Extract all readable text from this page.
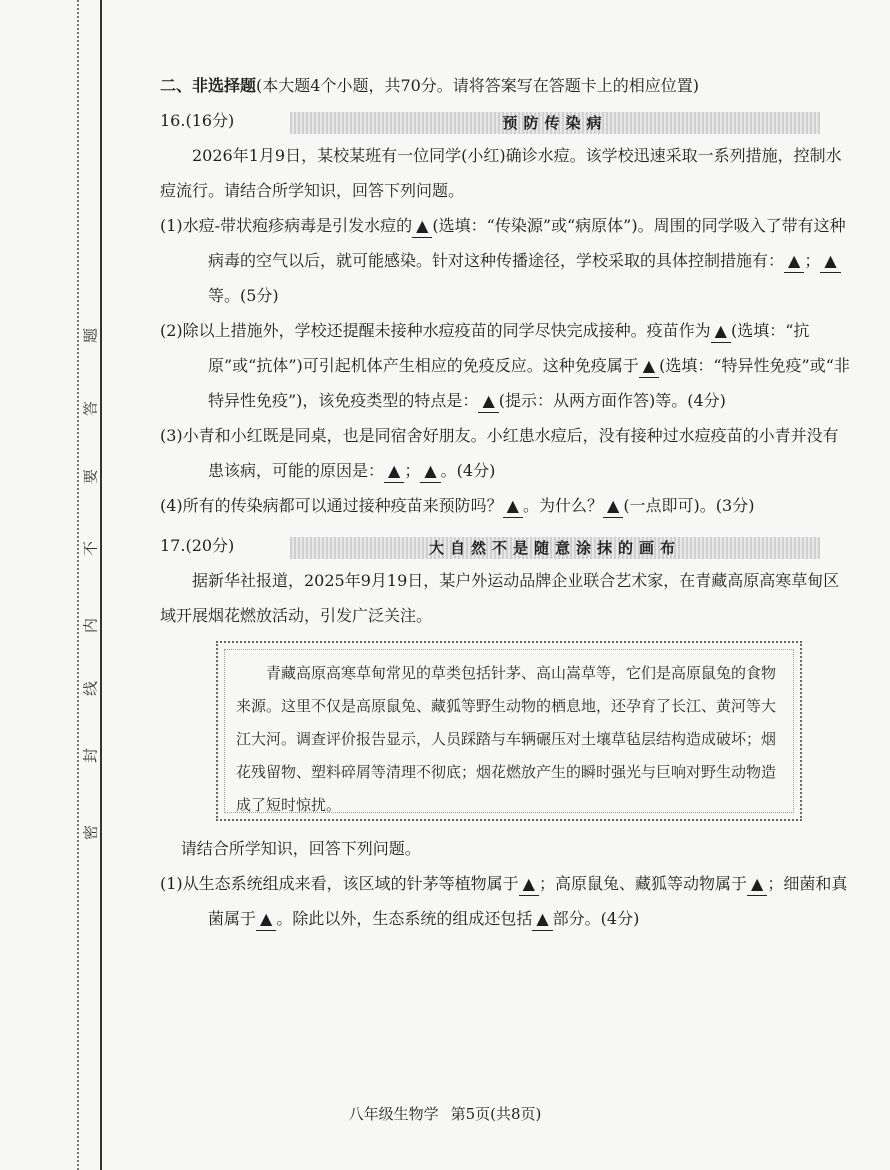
密
封
线
内
不
要
答
题
二、非选择题(本大题4个小题，共70分。请将答案写在答题卡上的相应位置)
16.(16分)	预防传染病

2026年1月9日，某校某班有一位同学(小红)确诊水痘。该学校迅速采取一系列措施，控制水痘流行。请结合所学知识，回答下列问题。

(1)水痘-带状疱疹病毒是引发水痘的 ▲ (选填：“传染源”或“病原体”)。周围的同学吸入了带有这种病毒的空气以后，就可能感染。针对这种传播途径，学校采取的具体控制措施有： ▲ ； ▲等。(5分)

(2)除以上措施外，学校还提醒未接种水痘疫苗的同学尽快完成接种。疫苗作为 ▲ (选填：“抗原”或“抗体”)可引起机体产生相应的免疫反应。这种免疫属于 ▲ (选填：“特异性免疫”或“非特异性免疫”)，该免疫类型的特点是： ▲ (提示：从两方面作答)等。(4分)

(3)小青和小红既是同桌，也是同宿舍好朋友。小红患水痘后，没有接种过水痘疫苗的小青并没有患该病，可能的原因是： ▲ ； ▲ 。(4分)

(4)所有的传染病都可以通过接种疫苗来预防吗？ ▲ 。为什么？ ▲ (一点即可)。(3分)

17.(20分)	大自然不是随意涂抹的画布

据新华社报道，2025年9月19日，某户外运动品牌企业联合艺术家，在青藏高原高寒草甸区域开展烟花燃放活动，引发广泛关注。

青藏高原高寒草甸常见的草类包括针茅、高山嵩草等，它们是高原鼠兔的食物来源。这里不仅是高原鼠兔、藏狐等野生动物的栖息地，还孕育了长江、黄河等大江大河。调查评价报告显示，人员踩踏与车辆碾压对土壤草毡层结构造成破坏；烟花残留物、塑料碎屑等清理不彻底；烟花燃放产生的瞬时强光与巨响对野生动物造成了短时惊扰。

请结合所学知识，回答下列问题。

(1)从生态系统组成来看，该区域的针茅等植物属于 ▲ ；高原鼠兔、藏狐等动物属于 ▲ ；细菌和真菌属于 ▲ 。除此以外，生态系统的组成还包括 ▲ 部分。(4分)

八年级生物学 第5页(共8页)
